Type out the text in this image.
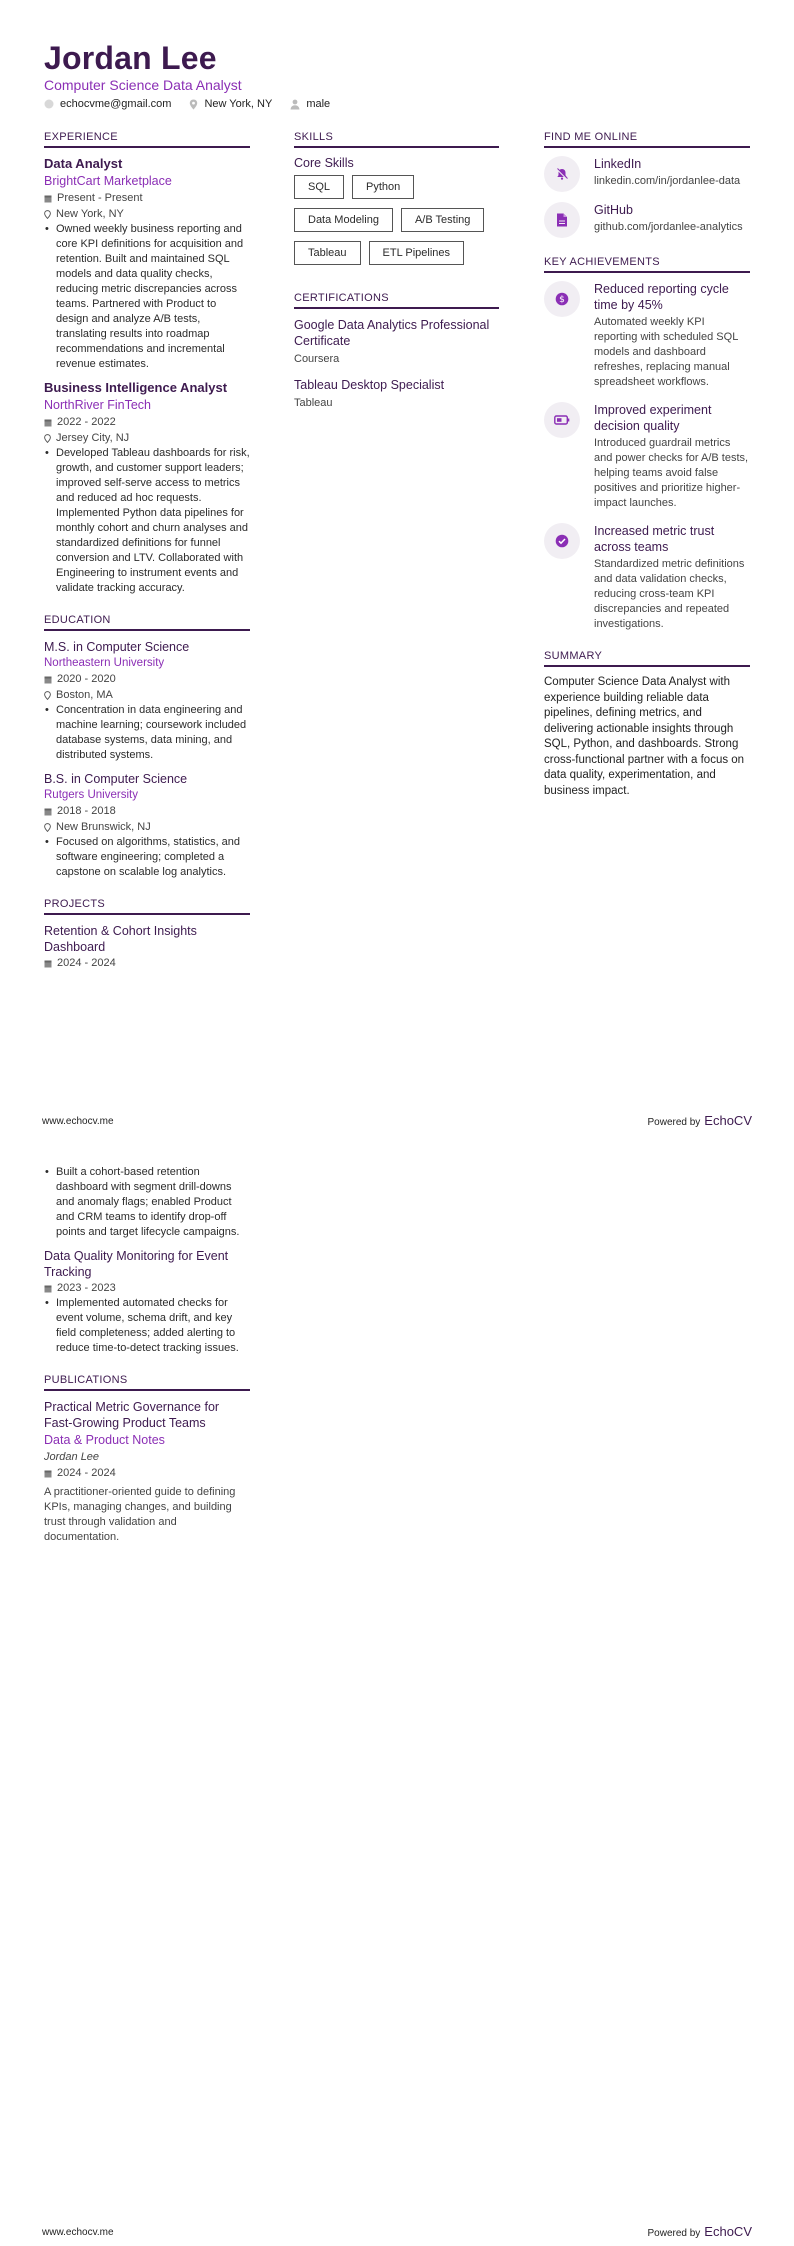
Jordan Lee
Computer Science Data Analyst
echocvme@gmail.com	New York, NY	male
EXPERIENCE
Data Analyst
BrightCart Marketplace
Present - Present
New York, NY
• Owned weekly business reporting and core KPI definitions for acquisition and retention. Built and maintained SQL models and data quality checks, reducing metric discrepancies across teams. Partnered with Product to design and analyze A/B tests, translating results into roadmap recommendations and incremental revenue estimates.
Business Intelligence Analyst
NorthRiver FinTech
2022 - 2022
Jersey City, NJ
• Developed Tableau dashboards for risk, growth, and customer support leaders; improved self-serve access to metrics and reduced ad hoc requests. Implemented Python data pipelines for monthly cohort and churn analyses and standardized definitions for funnel conversion and LTV. Collaborated with Engineering to instrument events and validate tracking accuracy.
EDUCATION
M.S. in Computer Science
Northeastern University
2020 - 2020
Boston, MA
• Concentration in data engineering and machine learning; coursework included database systems, data mining, and distributed systems.
B.S. in Computer Science
Rutgers University
2018 - 2018
New Brunswick, NJ
• Focused on algorithms, statistics, and software engineering; completed a capstone on scalable log analytics.
PROJECTS
Retention & Cohort Insights Dashboard
2024 - 2024
SKILLS
Core Skills
SQL	Python
Data Modeling	A/B Testing
Tableau	ETL Pipelines
CERTIFICATIONS
Google Data Analytics Professional Certificate
Coursera
Tableau Desktop Specialist
Tableau
FIND ME ONLINE
LinkedIn
linkedin.com/in/jordanlee-data
GitHub
github.com/jordanlee-analytics
KEY ACHIEVEMENTS
$
Reduced reporting cycle time by 45%
Automated weekly KPI reporting with scheduled SQL models and dashboard refreshes, replacing manual spreadsheet workflows.
Improved experiment decision quality
Introduced guardrail metrics and power checks for A/B tests, helping teams avoid false positives and prioritize higher-impact launches.
Increased metric trust across teams
Standardized metric definitions and data validation checks, reducing cross-team KPI discrepancies and repeated investigations.
SUMMARY
Computer Science Data Analyst with experience building reliable data pipelines, defining metrics, and delivering actionable insights through SQL, Python, and dashboards. Strong cross-functional partner with a focus on data quality, experimentation, and business impact.
www.echocv.me	Powered by EchoCV
• Built a cohort-based retention dashboard with segment drill-downs and anomaly flags; enabled Product and CRM teams to identify drop-off points and target lifecycle campaigns.
Data Quality Monitoring for Event Tracking
2023 - 2023
• Implemented automated checks for event volume, schema drift, and key field completeness; added alerting to reduce time-to-detect tracking issues.
PUBLICATIONS
Practical Metric Governance for Fast-Growing Product Teams
Data & Product Notes
Jordan Lee
2024 - 2024
A practitioner-oriented guide to defining KPIs, managing changes, and building trust through validation and documentation.
www.echocv.me	Powered by EchoCV
